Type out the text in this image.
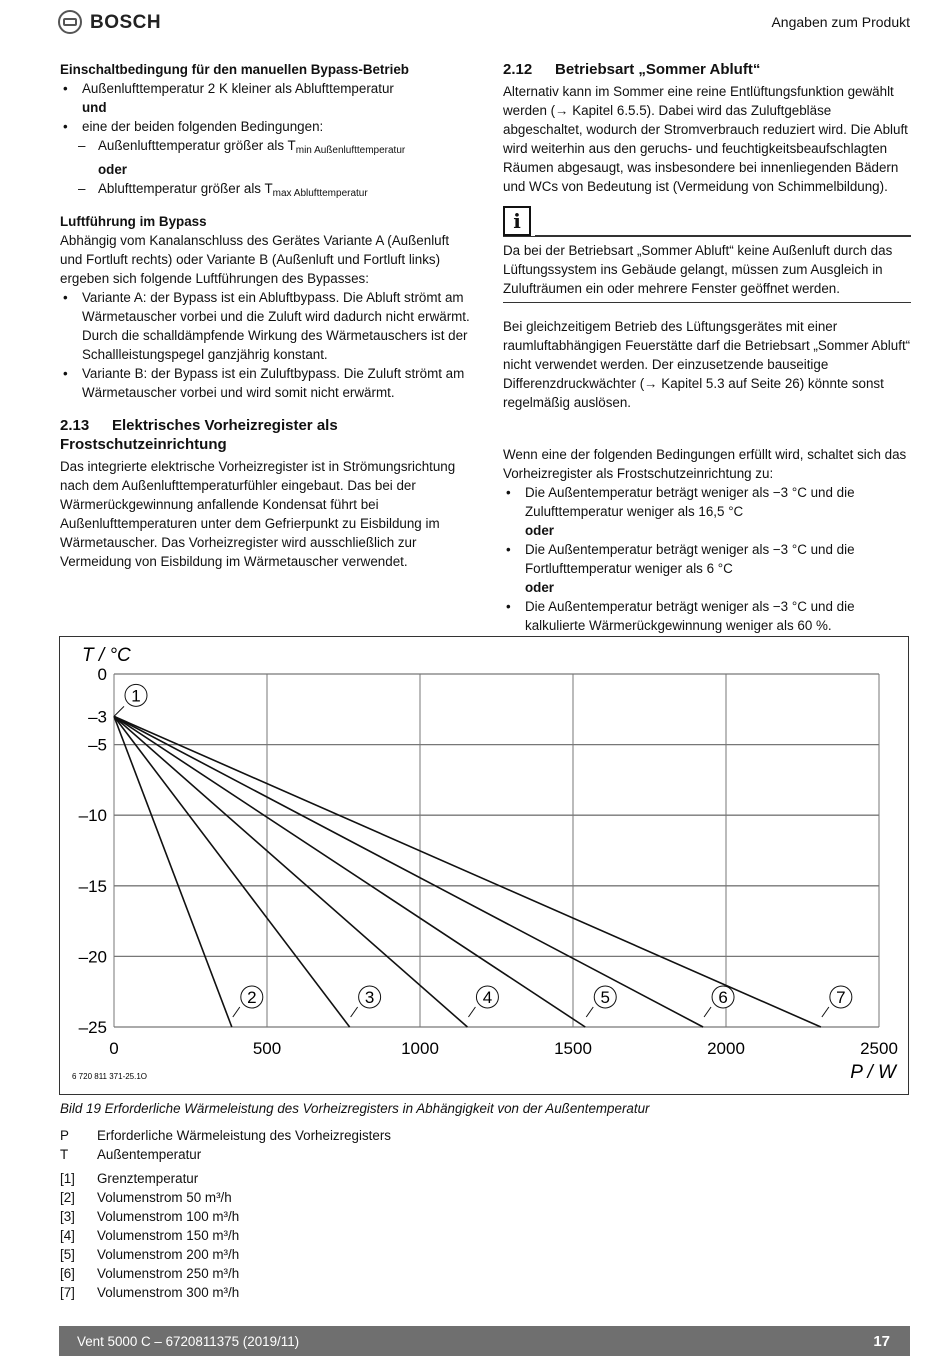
BOSCH	Angaben zum Produkt
Einschaltbedingung für den manuellen Bypass-Betrieb
• Außenlufttemperatur 2 K kleiner als Ablufttemperatur
und
• eine der beiden folgenden Bedingungen:
– Außenlufttemperatur größer als $T_{min Außenlufttemperatur}$
oder
– Ablufttemperatur größer als $T_{max Ablufttemperatur}$
Luftführung im Bypass

Abhängig vom Kanalanschluss des Gerätes Variante A (Außenluft und Fortluft rechts) oder Variante B (Außenluft und Fortluft links) ergeben sich folgende Luftführungen des Bypasses:

• Variante A: der Bypass ist ein Abluftbypass. Die Abluft strömt am Wärmetauscher vorbei und die Zuluft wird dadurch nicht erwärmt. Durch die schalldämpfende Wirkung des Wärmetauschers ist der Schallleistungspegel ganzjährig konstant.
• Variante B: der Bypass ist ein Zuluftbypass. Die Zuluft strömt am Wärmetauscher vorbei und wird somit nicht erwärmt.
2.13 Elektrisches Vorheizregister als Frostschutzeinrichtung

Das integrierte elektrische Vorheizregister ist in Strömungsrichtung nach dem Außenlufttemperaturfühler eingebaut. Das bei der Wärmerückgewinnung anfallende Kondensat führt bei Außenlufttemperaturen unter dem Gefrierpunkt zu Eisbildung im Wärmetauscher. Das Vorheizregister wird ausschließlich zur Vermeidung von Eisbildung im Wärmetauscher verwendet.

2.12 Betriebsart „Sommer Abluft“

Alternativ kann im Sommer eine reine Entlüftungsfunktion gewählt werden (→ Kapitel 6.5.5). Dabei wird das Zuluftgebläse abgeschaltet, wodurch der Stromverbrauch reduziert wird. Die Abluft wird weiterhin aus den geruchs- und feuchtigkeitsbeaufschlagten Räumen abgesaugt, was insbesondere bei innenliegenden Bädern und WCs von Bedeutung ist (Vermeidung von Schimmelbildung).

i

Da bei der Betriebsart „Sommer Abluft“ keine Außenluft durch das Lüftungssystem ins Gebäude gelangt, müssen zum Ausgleich in Zulufträumen ein oder mehrere Fenster geöffnet werden.

Bei gleichzeitigem Betrieb des Lüftungsgerätes mit einer raumluftabhängigen Feuerstätte darf die Betriebsart „Sommer Abluft“ nicht verwendet werden. Der einzusetzende bauseitige Differenzdruckwächter (→ Kapitel 5.3 auf Seite 26) könnte sonst regelmäßig auslösen.

Wenn eine der folgenden Bedingungen erfüllt wird, schaltet sich das Vorheizregister als Frostschutzeinrichtung zu:

• Die Außentemperatur beträgt weniger als −3 °C und die Zulufttemperatur weniger als 16,5 °C
oder
• Die Außentemperatur beträgt weniger als −3 °C und die Fortlufttemperatur weniger als 6 °C
oder
• Die Außentemperatur beträgt weniger als −3 °C und die kalkulierte Wärmerückgewinnung weniger als 60 %.
0	500	1000	1500	2000	2500
0
–3
–5
–10
–15
–20
–25
T / °C
P / W
6 720 811 371-25.1O
2	3	4	5	6	7
1
Bild 19 Erforderliche Wärmeleistung des Vorheizregisters in Abhängigkeit von der Außentemperatur
P	Erforderliche Wärmeleistung des Vorheizregisters
T	Außentemperatur
[1]	Grenztemperatur
[2]	Volumenstrom 50 m³/h
[3]	Volumenstrom 100 m³/h
[4]	Volumenstrom 150 m³/h
[5]	Volumenstrom 200 m³/h
[6]	Volumenstrom 250 m³/h
[7]	Volumenstrom 300 m³/h
Vent 5000 C – 6720811375 (2019/11)	17
